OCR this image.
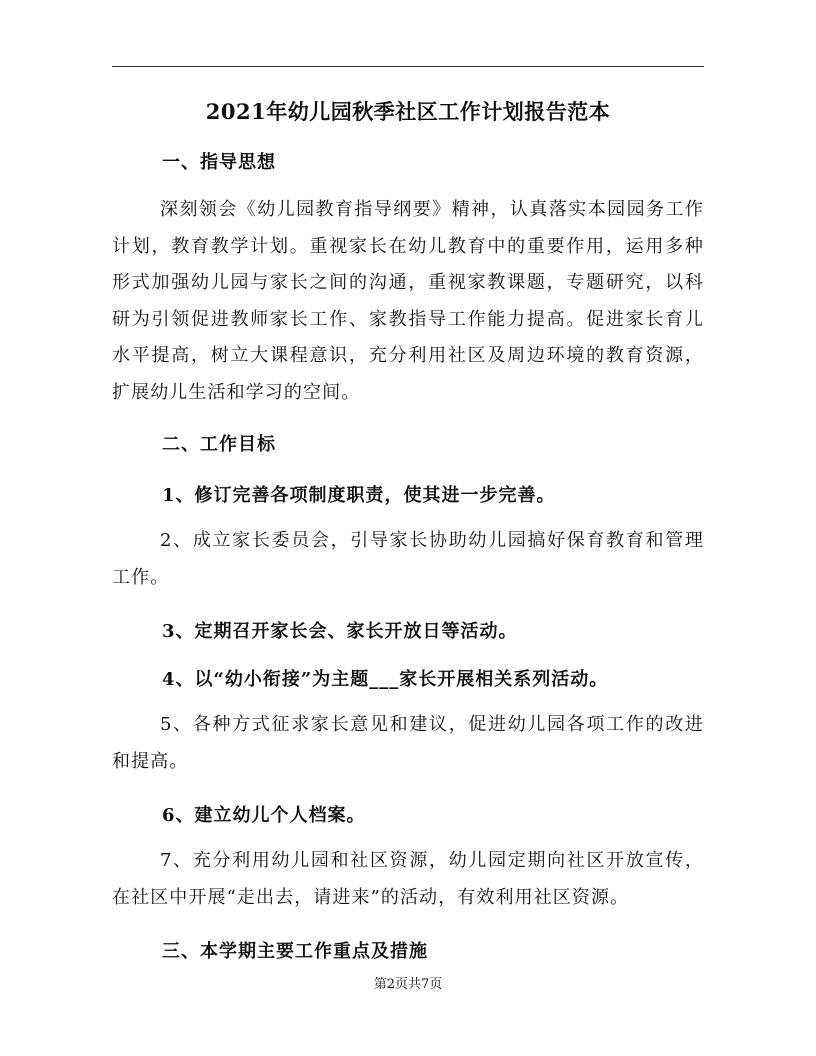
2021年幼儿园秋季社区工作计划报告范本
一、指导思想
深刻领会《幼儿园教育指导纲要》精神，认真落实本园园务工作计划，教育教学计划。重视家长在幼儿教育中的重要作用，运用多种形式加强幼儿园与家长之间的沟通，重视家教课题，专题研究，以科研为引领促进教师家长工作、家教指导工作能力提高。促进家长育儿水平提高，树立大课程意识，充分利用社区及周边环境的教育资源，扩展幼儿生活和学习的空间。
二、工作目标
1、修订完善各项制度职责，使其进一步完善。
2、成立家长委员会，引导家长协助幼儿园搞好保育教育和管理工作。
3、定期召开家长会、家长开放日等活动。
4、以“幼小衔接”为主题___家长开展相关系列活动。
5、各种方式征求家长意见和建议，促进幼儿园各项工作的改进和提高。
6、建立幼儿个人档案。
7、充分利用幼儿园和社区资源，幼儿园定期向社区开放宣传，在社区中开展“走出去，请进来”的活动，有效利用社区资源。
三、本学期主要工作重点及措施
第2页共7页
